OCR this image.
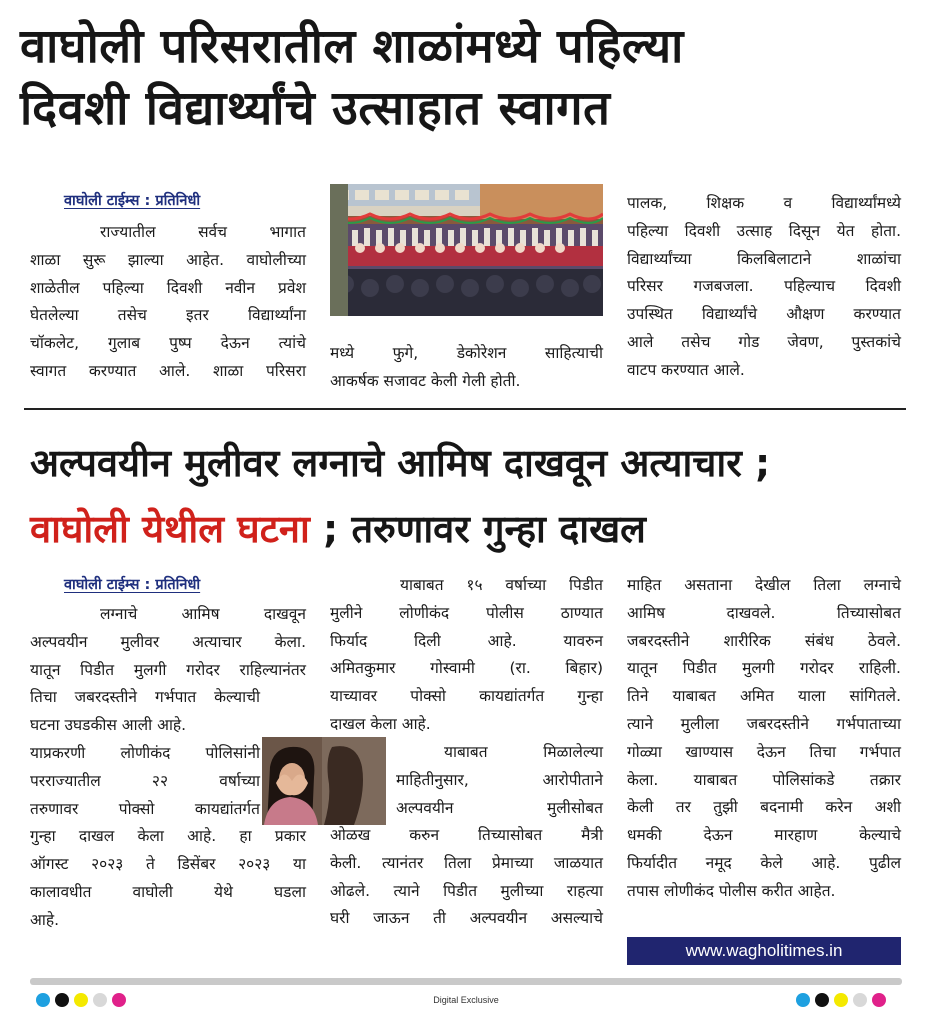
वाघोली परिसरातील शाळांमध्ये पहिल्या
दिवशी विद्यार्थ्यांचे उत्साहात स्वागत
वाघोली टाईम्स : प्रतिनिधी

राज्यातील सर्वच भागात

शाळा सुरू झाल्या आहेत. वाघोलीच्या

शाळेतील पहिल्या दिवशी नवीन प्रवेश

घेतलेल्या तसेच इतर विद्यार्थ्यांना

चॉकलेट, गुलाब पुष्प देऊन त्यांचे

स्वागत करण्यात आले. शाळा परिसरा

मध्ये फुगे, डेकोरेशन साहित्याची

आकर्षक सजावट केली गेली होती.

पालक, शिक्षक व विद्यार्थ्यांमध्ये

पहिल्या दिवशी उत्साह दिसून येत होता.

विद्यार्थ्यांच्या किलबिलाटाने शाळांचा

परिसर गजबजला. पहिल्याच दिवशी

उपस्थित विद्यार्थ्यांचे औक्षण करण्यात

आले तसेच गोड जेवण, पुस्तकांचे

वाटप करण्यात आले.

अल्पवयीन मुलीवर लग्नाचे आमिष दाखवून अत्याचार ;
वाघोली येथील घटना ; तरुणावर गुन्हा दाखल
वाघोली टाईम्स : प्रतिनिधी

लग्नाचे आमिष दाखवून

अल्पवयीन मुलीवर अत्याचार केला.

यातून पिडीत मुलगी गरोदर राहिल्यानंतर

तिचा जबरदस्तीने गर्भपात केल्याची

घटना उघडकीस आली आहे.

याप्रकरणी लोणीकंद पोलिसांनी

परराज्यातील २२ वर्षाच्या

तरुणावर पोक्सो कायद्यांतर्गत

गुन्हा दाखल केला आहे. हा प्रकार

ऑगस्ट २०२३ ते डिसेंबर २०२३ या

कालावधीत वाघोली येथे घडला

आहे.

याबाबत १५ वर्षाच्या पिडीत

मुलीने लोणीकंद पोलीस ठाण्यात

फिर्याद दिली आहे. यावरुन

अमितकुमार गोस्वामी (रा. बिहार)

याच्यावर पोक्सो कायद्यांतर्गत गुन्हा

दाखल केला आहे.

याबाबत मिळालेल्या

माहितीनुसार, आरोपीताने

अल्पवयीन मुलीसोबत

ओळख करुन तिच्यासोबत मैत्री

केली. त्यानंतर तिला प्रेमाच्या जाळयात

ओढले. त्याने पिडीत मुलीच्या राहत्या

घरी जाऊन ती अल्पवयीन असल्याचे

माहित असताना देखील तिला लग्नाचे

आमिष दाखवले. तिच्यासोबत

जबरदस्तीने शारीरिक संबंध ठेवले.

यातून पिडीत मुलगी गरोदर राहिली.

तिने याबाबत अमित याला सांगितले.

त्याने मुलीला जबरदस्तीने गर्भपाताच्या

गोळ्या खाण्यास देऊन तिचा गर्भपात

केला. याबाबत पोलिसांकडे तक्रार

केली तर तुझी बदनामी करेन अशी

धमकी देऊन मारहाण केल्याचे

फिर्यादीत नमूद केले आहे. पुढील

तपास लोणीकंद पोलीस करीत आहेत.

www.wagholitimes.in
Digital Exclusive
